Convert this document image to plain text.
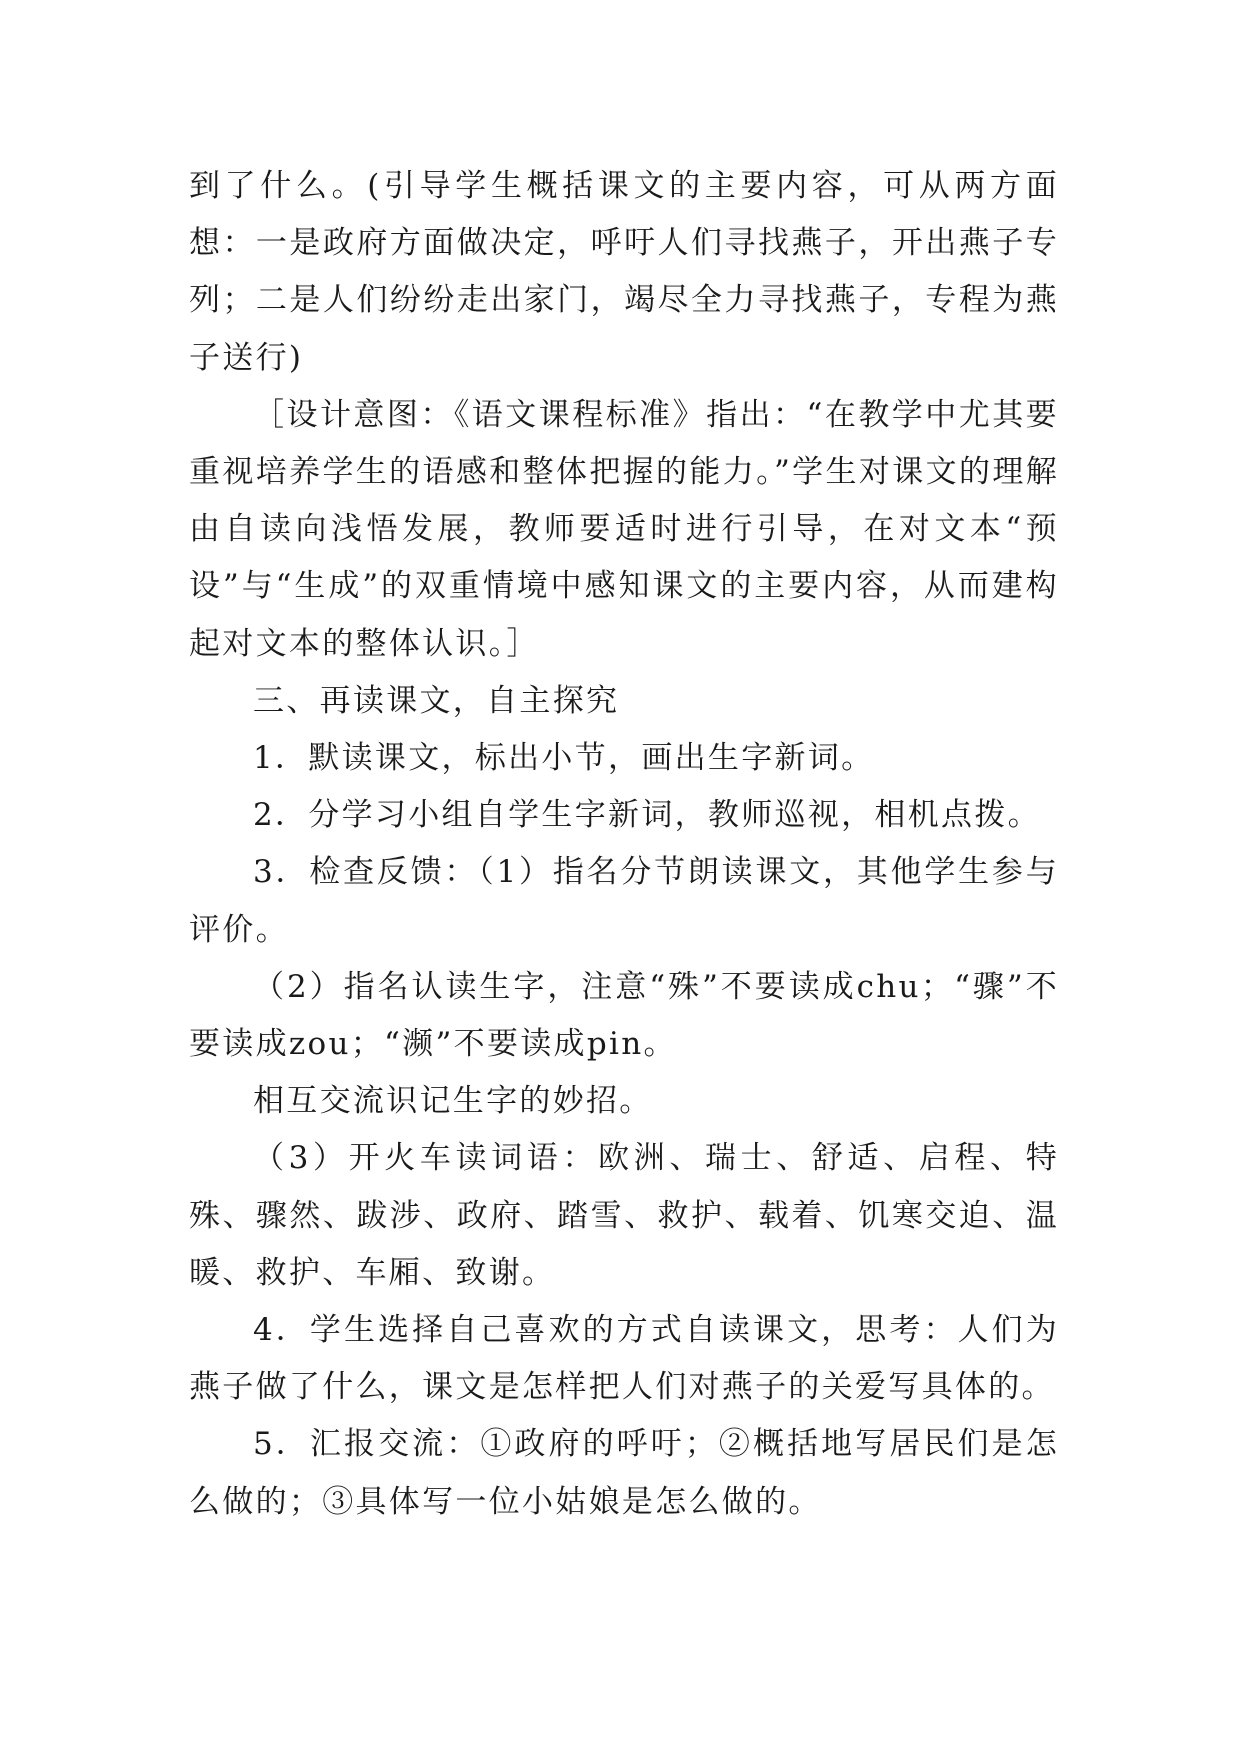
到了什么。(引导学生概括课文的主要内容，可从两方面想：一是政府方面做决定，呼吁人们寻找燕子，开出燕子专列；二是人们纷纷走出家门，竭尽全力寻找燕子，专程为燕子送行)

［设计意图：《语文课程标准》指出：“在教学中尤其要重视培养学生的语感和整体把握的能力。”学生对课文的理解由自读向浅悟发展，教师要适时进行引导，在对文本“预设”与“生成”的双重情境中感知课文的主要内容，从而建构起对文本的整体认识。］

三、再读课文，自主探究

1．默读课文，标出小节，画出生字新词。

2．分学习小组自学生字新词，教师巡视，相机点拨。

3．检查反馈：（1）指名分节朗读课文，其他学生参与评价。

（2）指名认读生字，注意“殊”不要读成chu；“骤”不要读成zou；“濒”不要读成pin。

相互交流识记生字的妙招。

（3）开火车读词语：欧洲、瑞士、舒适、启程、特殊、骤然、跋涉、政府、踏雪、救护、载着、饥寒交迫、温暖、救护、车厢、致谢。

4．学生选择自己喜欢的方式自读课文，思考：人们为燕子做了什么，课文是怎样把人们对燕子的关爱写具体的。

5．汇报交流：①政府的呼吁；②概括地写居民们是怎么做的；③具体写一位小姑娘是怎么做的。
